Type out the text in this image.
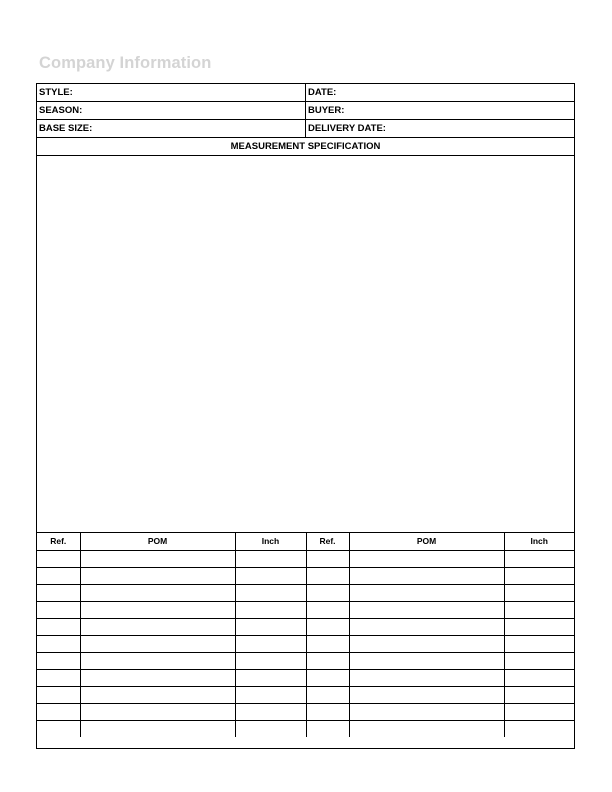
Company Information
STYLE:	DATE:
SEASON:	BUYER:
BASE SIZE:	DELIVERY DATE:
MEASUREMENT SPECIFICATION
Ref.	POM	Inch	Ref.	POM	Inch
